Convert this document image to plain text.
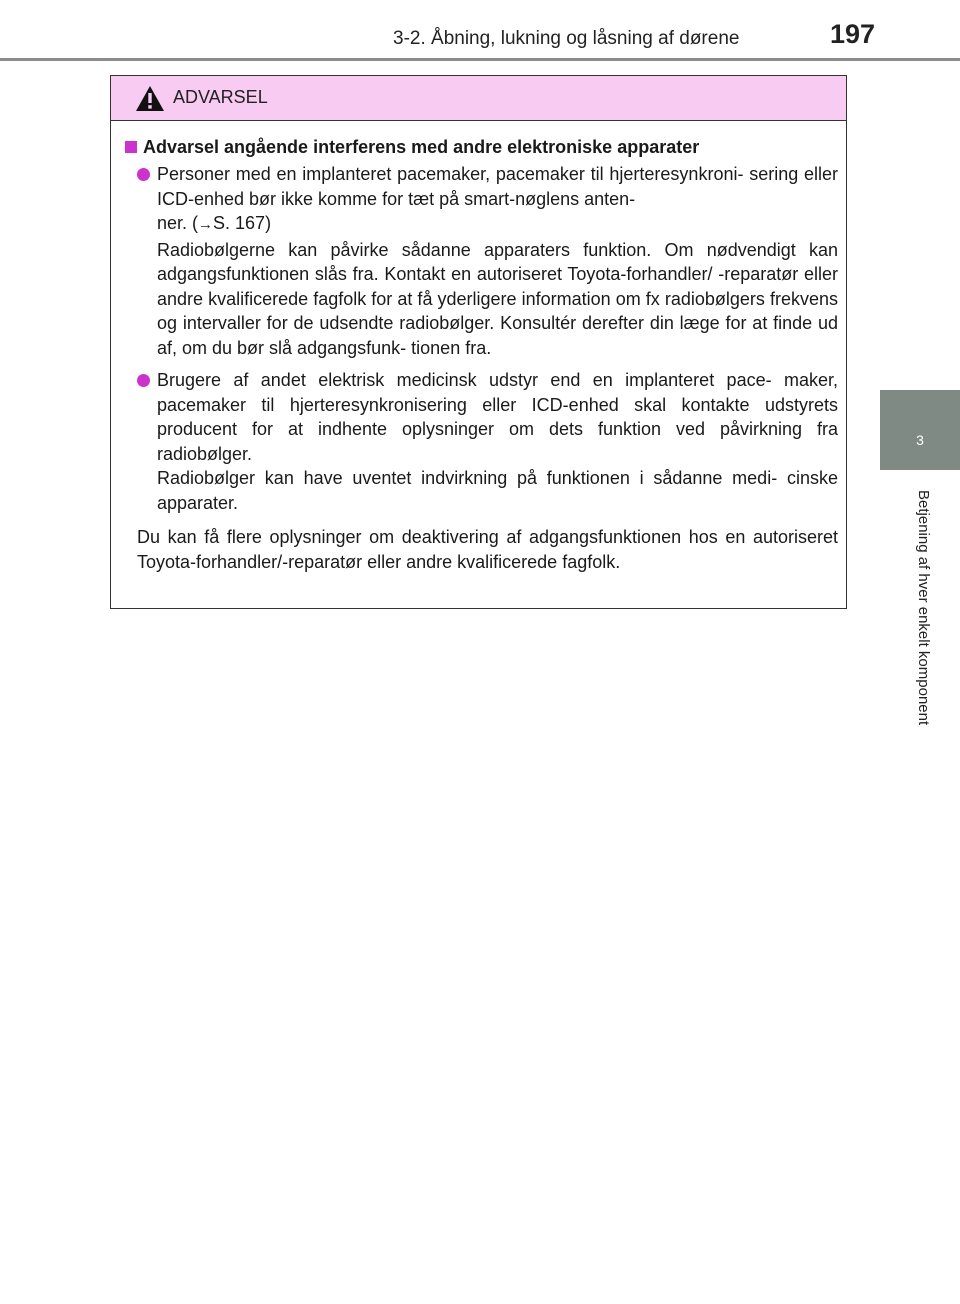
3-2. Åbning, lukning og låsning af dørene	197
3
Betjening af hver enkelt komponent
ADVARSEL
Advarsel angående interferens med andre elektroniske apparater

Personer med en implanteret pacemaker, pacemaker til hjerteresynkroni- sering eller ICD-enhed bør ikke komme for tæt på smart-nøglens anten-
ner. (→S. 167)
Radiobølgerne kan påvirke sådanne apparaters funktion. Om nødvendigt kan adgangsfunktionen slås fra. Kontakt en autoriseret Toyota-forhandler/ -reparatør eller andre kvalificerede fagfolk for at få yderligere information om fx radiobølgers frekvens og intervaller for de udsendte radiobølger. Konsultér derefter din læge for at finde ud af, om du bør slå adgangsfunk- tionen fra.

Brugere af andet elektrisk medicinsk udstyr end en implanteret pace- maker, pacemaker til hjerteresynkronisering eller ICD-enhed skal kontakte udstyrets producent for at indhente oplysninger om dets funktion ved påvirkning fra radiobølger.
Radiobølger kan have uventet indvirkning på funktionen i sådanne medi- cinske apparater.

Du kan få flere oplysninger om deaktivering af adgangsfunktionen hos en autoriseret Toyota-forhandler/-reparatør eller andre kvalificerede fagfolk.
